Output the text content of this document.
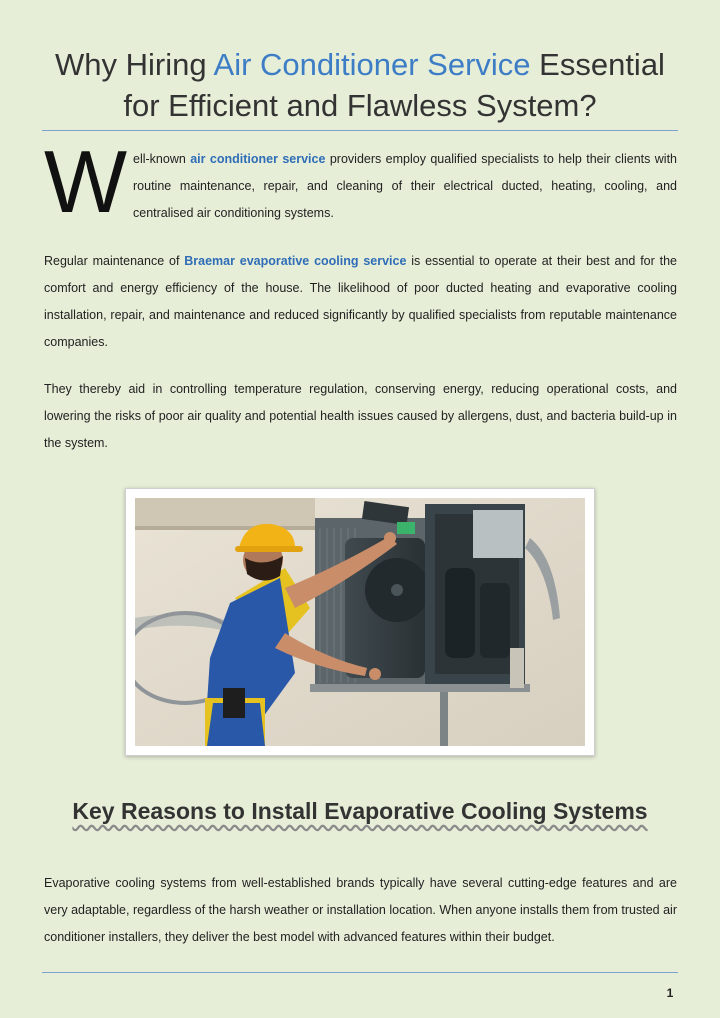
Why Hiring Air Conditioner Service Essential
for Efficient and Flawless System?
W ell-known air conditioner service providers employ qualified specialists to help their clients with routine maintenance, repair, and cleaning of their electrical ducted, heating, cooling, and centralised air conditioning systems.

Regular maintenance of Braemar evaporative cooling service is essential to operate at their best and for the comfort and energy efficiency of the house. The likelihood of poor ducted heating and evaporative cooling installation, repair, and maintenance and reduced significantly by qualified specialists from reputable maintenance companies.

They thereby aid in controlling temperature regulation, conserving energy, reducing operational costs, and lowering the risks of poor air quality and potential health issues caused by allergens, dust, and bacteria build-up in the system.

Key Reasons to Install Evaporative Cooling Systems

Evaporative cooling systems from well-established brands typically have several cutting-edge features and are very adaptable, regardless of the harsh weather or installation location. When anyone installs them from trusted air conditioner installers, they deliver the best model with advanced features within their budget.

1
